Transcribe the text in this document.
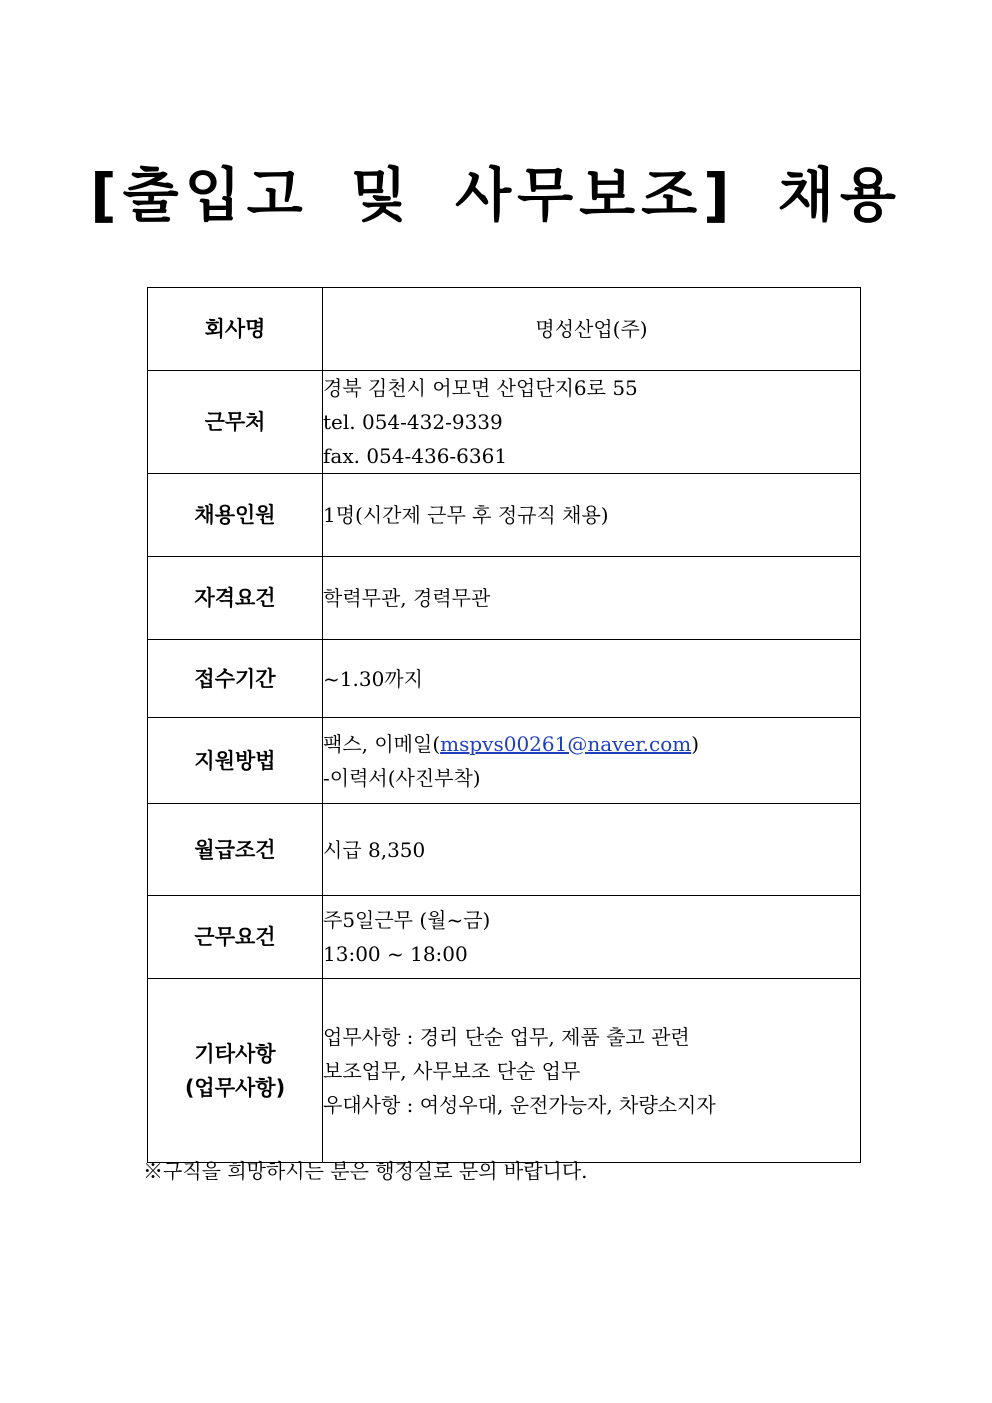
[출입고 및 사무보조] 채용
회사명	명성산업(주)
근무처	경북 김천시 어모면 산업단지6로 55
tel. 054-432-9339
fax. 054-436-6361

채용인원	1명(시간제 근무 후 정규직 채용)
자격요건	학력무관, 경력무관
접수기간	~1.30까지
지원방법	팩스, 이메일(mspvs00261@naver.com)
-이력서(사진부착)

월급조건	시급 8,350
근무요건	주5일근무 (월~금)
13:00 ~ 18:00

기타사항
(업무사항)	업무사항 : 경리 단순 업무, 제품 출고 관련
보조업무, 사무보조 단순 업무
우대사항 : 여성우대, 운전가능자, 차량소지자
※구직을 희망하시는 분은 행정실로 문의 바랍니다.
